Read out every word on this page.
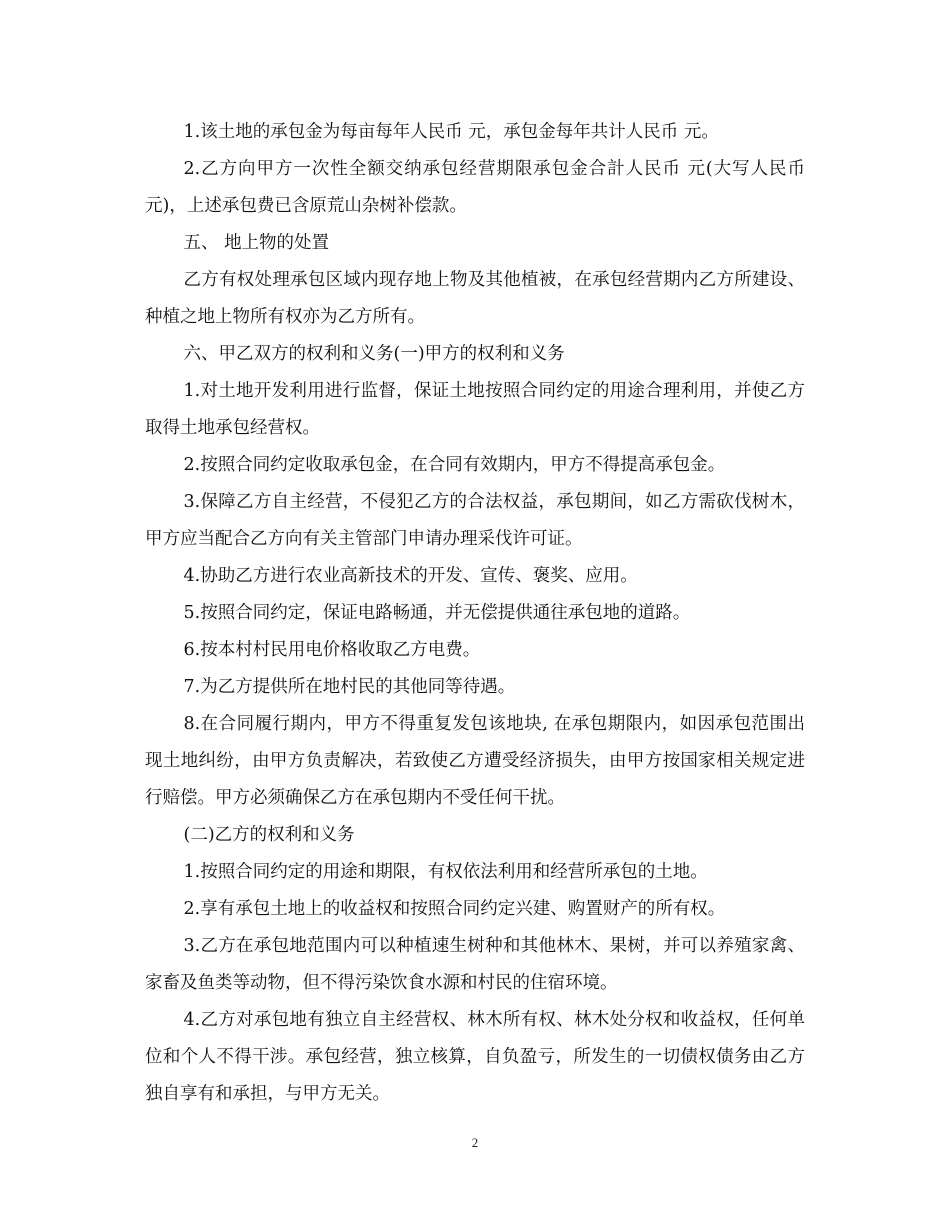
1.该土地的承包金为每亩每年人民币 元，承包金每年共计人民币 元。

2.乙方向甲方一次性全额交纳承包经营期限承包金合計人民币 元(大写人民币 元)，上述承包费已含原荒山杂树补偿款。

五、 地上物的处置

乙方有权处理承包区域内现存地上物及其他植被，在承包经营期内乙方所建设、种植之地上物所有权亦为乙方所有。

六、甲乙双方的权利和义务(一)甲方的权利和义务

1.对土地开发利用进行监督，保证土地按照合同约定的用途合理利用，并使乙方取得土地承包经营权。

2.按照合同约定收取承包金，在合同有效期内，甲方不得提高承包金。

3.保障乙方自主经营，不侵犯乙方的合法权益，承包期间，如乙方需砍伐树木，甲方应当配合乙方向有关主管部门申请办理采伐许可证。

4.协助乙方进行农业高新技术的开发、宣传、褒奖、应用。

5.按照合同约定，保证电路畅通，并无偿提供通往承包地的道路。

6.按本村村民用电价格收取乙方电费。

7.为乙方提供所在地村民的其他同等待遇。

8.在合同履行期内，甲方不得重复发包该地块, 在承包期限内，如因承包范围出现土地纠纷，由甲方负责解决，若致使乙方遭受经济损失，由甲方按国家相关规定进行赔偿。甲方必须确保乙方在承包期内不受任何干扰。

(二)乙方的权利和义务

1.按照合同约定的用途和期限，有权依法利用和经营所承包的土地。

2.享有承包土地上的收益权和按照合同约定兴建、购置财产的所有权。

3.乙方在承包地范围内可以种植速生树种和其他林木、果树，并可以养殖家禽、家畜及鱼类等动物，但不得污染饮食水源和村民的住宿环境。

4.乙方对承包地有独立自主经营权、林木所有权、林木处分权和收益权，任何单位和个人不得干涉。承包经营，独立核算，自负盈亏，所发生的一切债权债务由乙方独自享有和承担，与甲方无关。

2
